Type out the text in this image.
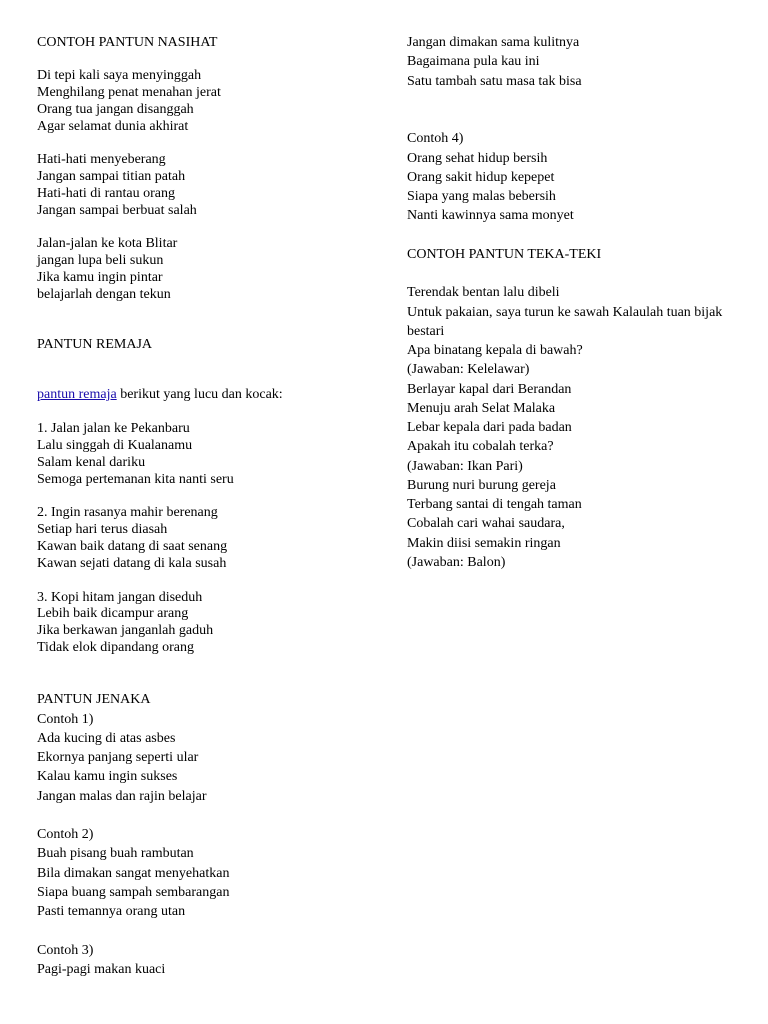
CONTOH PANTUN NASIHAT
Di tepi kali saya menyinggah
Menghilang penat menahan jerat
Orang tua jangan disanggah
Agar selamat dunia akhirat
Hati-hati menyeberang
Jangan sampai titian patah
Hati-hati di rantau orang
Jangan sampai berbuat salah
Jalan-jalan ke kota Blitar
jangan lupa beli sukun
Jika kamu ingin pintar
belajarlah dengan tekun
PANTUN REMAJA
pantun remaja berikut yang lucu dan kocak:
1. Jalan jalan ke Pekanbaru
Lalu singgah di Kualanamu
Salam kenal dariku
Semoga pertemanan kita nanti seru
2. Ingin rasanya mahir berenang
Setiap hari terus diasah
Kawan baik datang di saat senang
Kawan sejati datang di kala susah
3. Kopi hitam jangan diseduh
Lebih baik dicampur arang
Jika berkawan janganlah gaduh
Tidak elok dipandang orang
PANTUN JENAKA
Contoh 1)
Ada kucing di atas asbes
Ekornya panjang seperti ular
Kalau kamu ingin sukses
Jangan malas dan rajin belajar
Contoh 2)
Buah pisang buah rambutan
Bila dimakan sangat menyehatkan
Siapa buang sampah sembarangan
Pasti temannya orang utan
Contoh 3)
Pagi-pagi makan kuaci
Jangan dimakan sama kulitnya
Bagaimana pula kau ini
Satu tambah satu masa tak bisa
Contoh 4)
Orang sehat hidup bersih
Orang sakit hidup kepepet
Siapa yang malas bebersih
Nanti kawinnya sama monyet
CONTOH PANTUN TEKA-TEKI
Terendak bentan lalu dibeli
Untuk pakaian, saya turun ke sawah Kalaulah tuan bijak bestari
Apa binatang kepala di bawah?
(Jawaban: Kelelawar)
Berlayar kapal dari Berandan
Menuju arah Selat Malaka
Lebar kepala dari pada badan
Apakah itu cobalah terka?
(Jawaban: Ikan Pari)
Burung nuri burung gereja
Terbang santai di tengah taman
Cobalah cari wahai saudara,
Makin diisi semakin ringan
(Jawaban: Balon)
